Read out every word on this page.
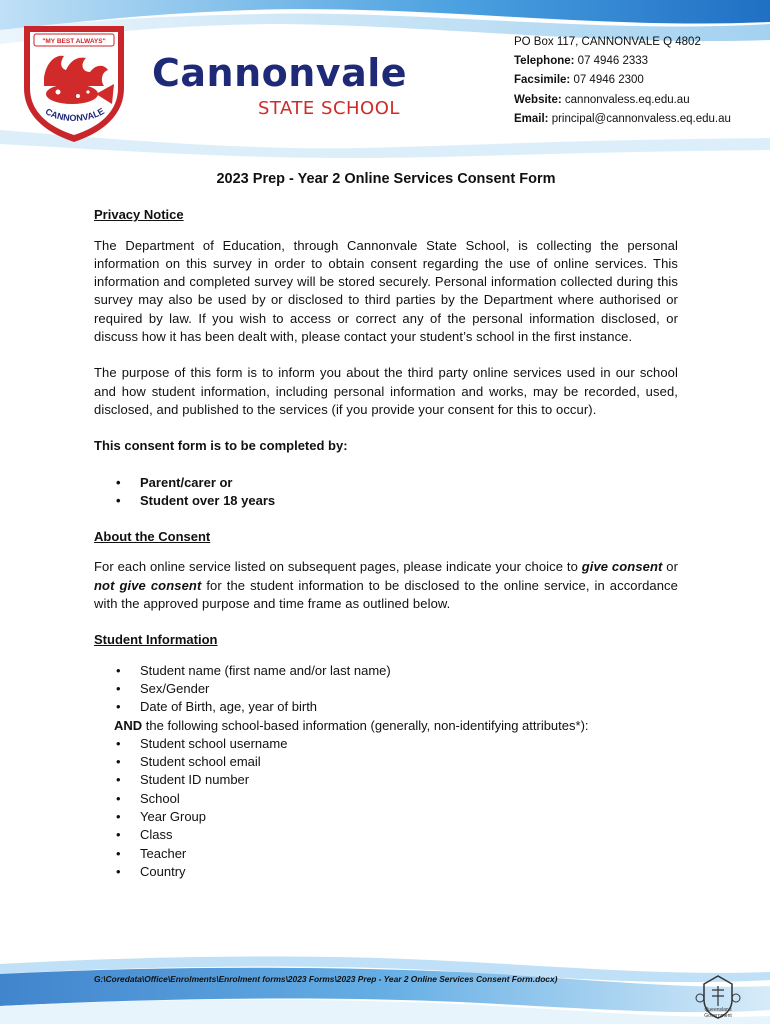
"MY BEST ALWAYS"
CANNONVALE
Cannonvale
STATE SCHOOL
PO Box 117, CANNONVALE Q 4802
Telephone: 07 4946 2333
Facsimile: 07 4946 2300
Website: cannonvaless.eq.edu.au
Email: principal@cannonvaless.eq.edu.au
2023 Prep - Year 2 Online Services Consent Form
Privacy Notice

The Department of Education, through Cannonvale State School, is collecting the personal information on this survey in order to obtain consent regarding the use of online services. This information and completed survey will be stored securely. Personal information collected during this survey may also be used by or disclosed to third parties by the Department where authorised or required by law. If you wish to access or correct any of the personal information disclosed, or discuss how it has been dealt with, please contact your student’s school in the first instance.

The purpose of this form is to inform you about the third party online services used in our school and how student information, including personal information and works, may be recorded, used, disclosed, and published to the services (if you provide your consent for this to occur).

This consent form is to be completed by:
• Parent/carer or
• Student over 18 years
About the Consent

For each online service listed on subsequent pages, please indicate your choice to give consent or not give consent for the student information to be disclosed to the online service, in accordance with the approved purpose and time frame as outlined below.

Student Information
• Student name (first name and/or last name)
• Sex/Gender
• Date of Birth, age, year of birth
AND the following school-based information (generally, non-identifying attributes*):
• Student school username
• Student school email
• Student ID number
• School
• Year Group
• Class
• Teacher
• Country
G:\Coredata\Office\Enrolments\Enrolment forms\2023 Forms\2023 Prep - Year 2 Online Services Consent Form.docx)
Queensland Government
